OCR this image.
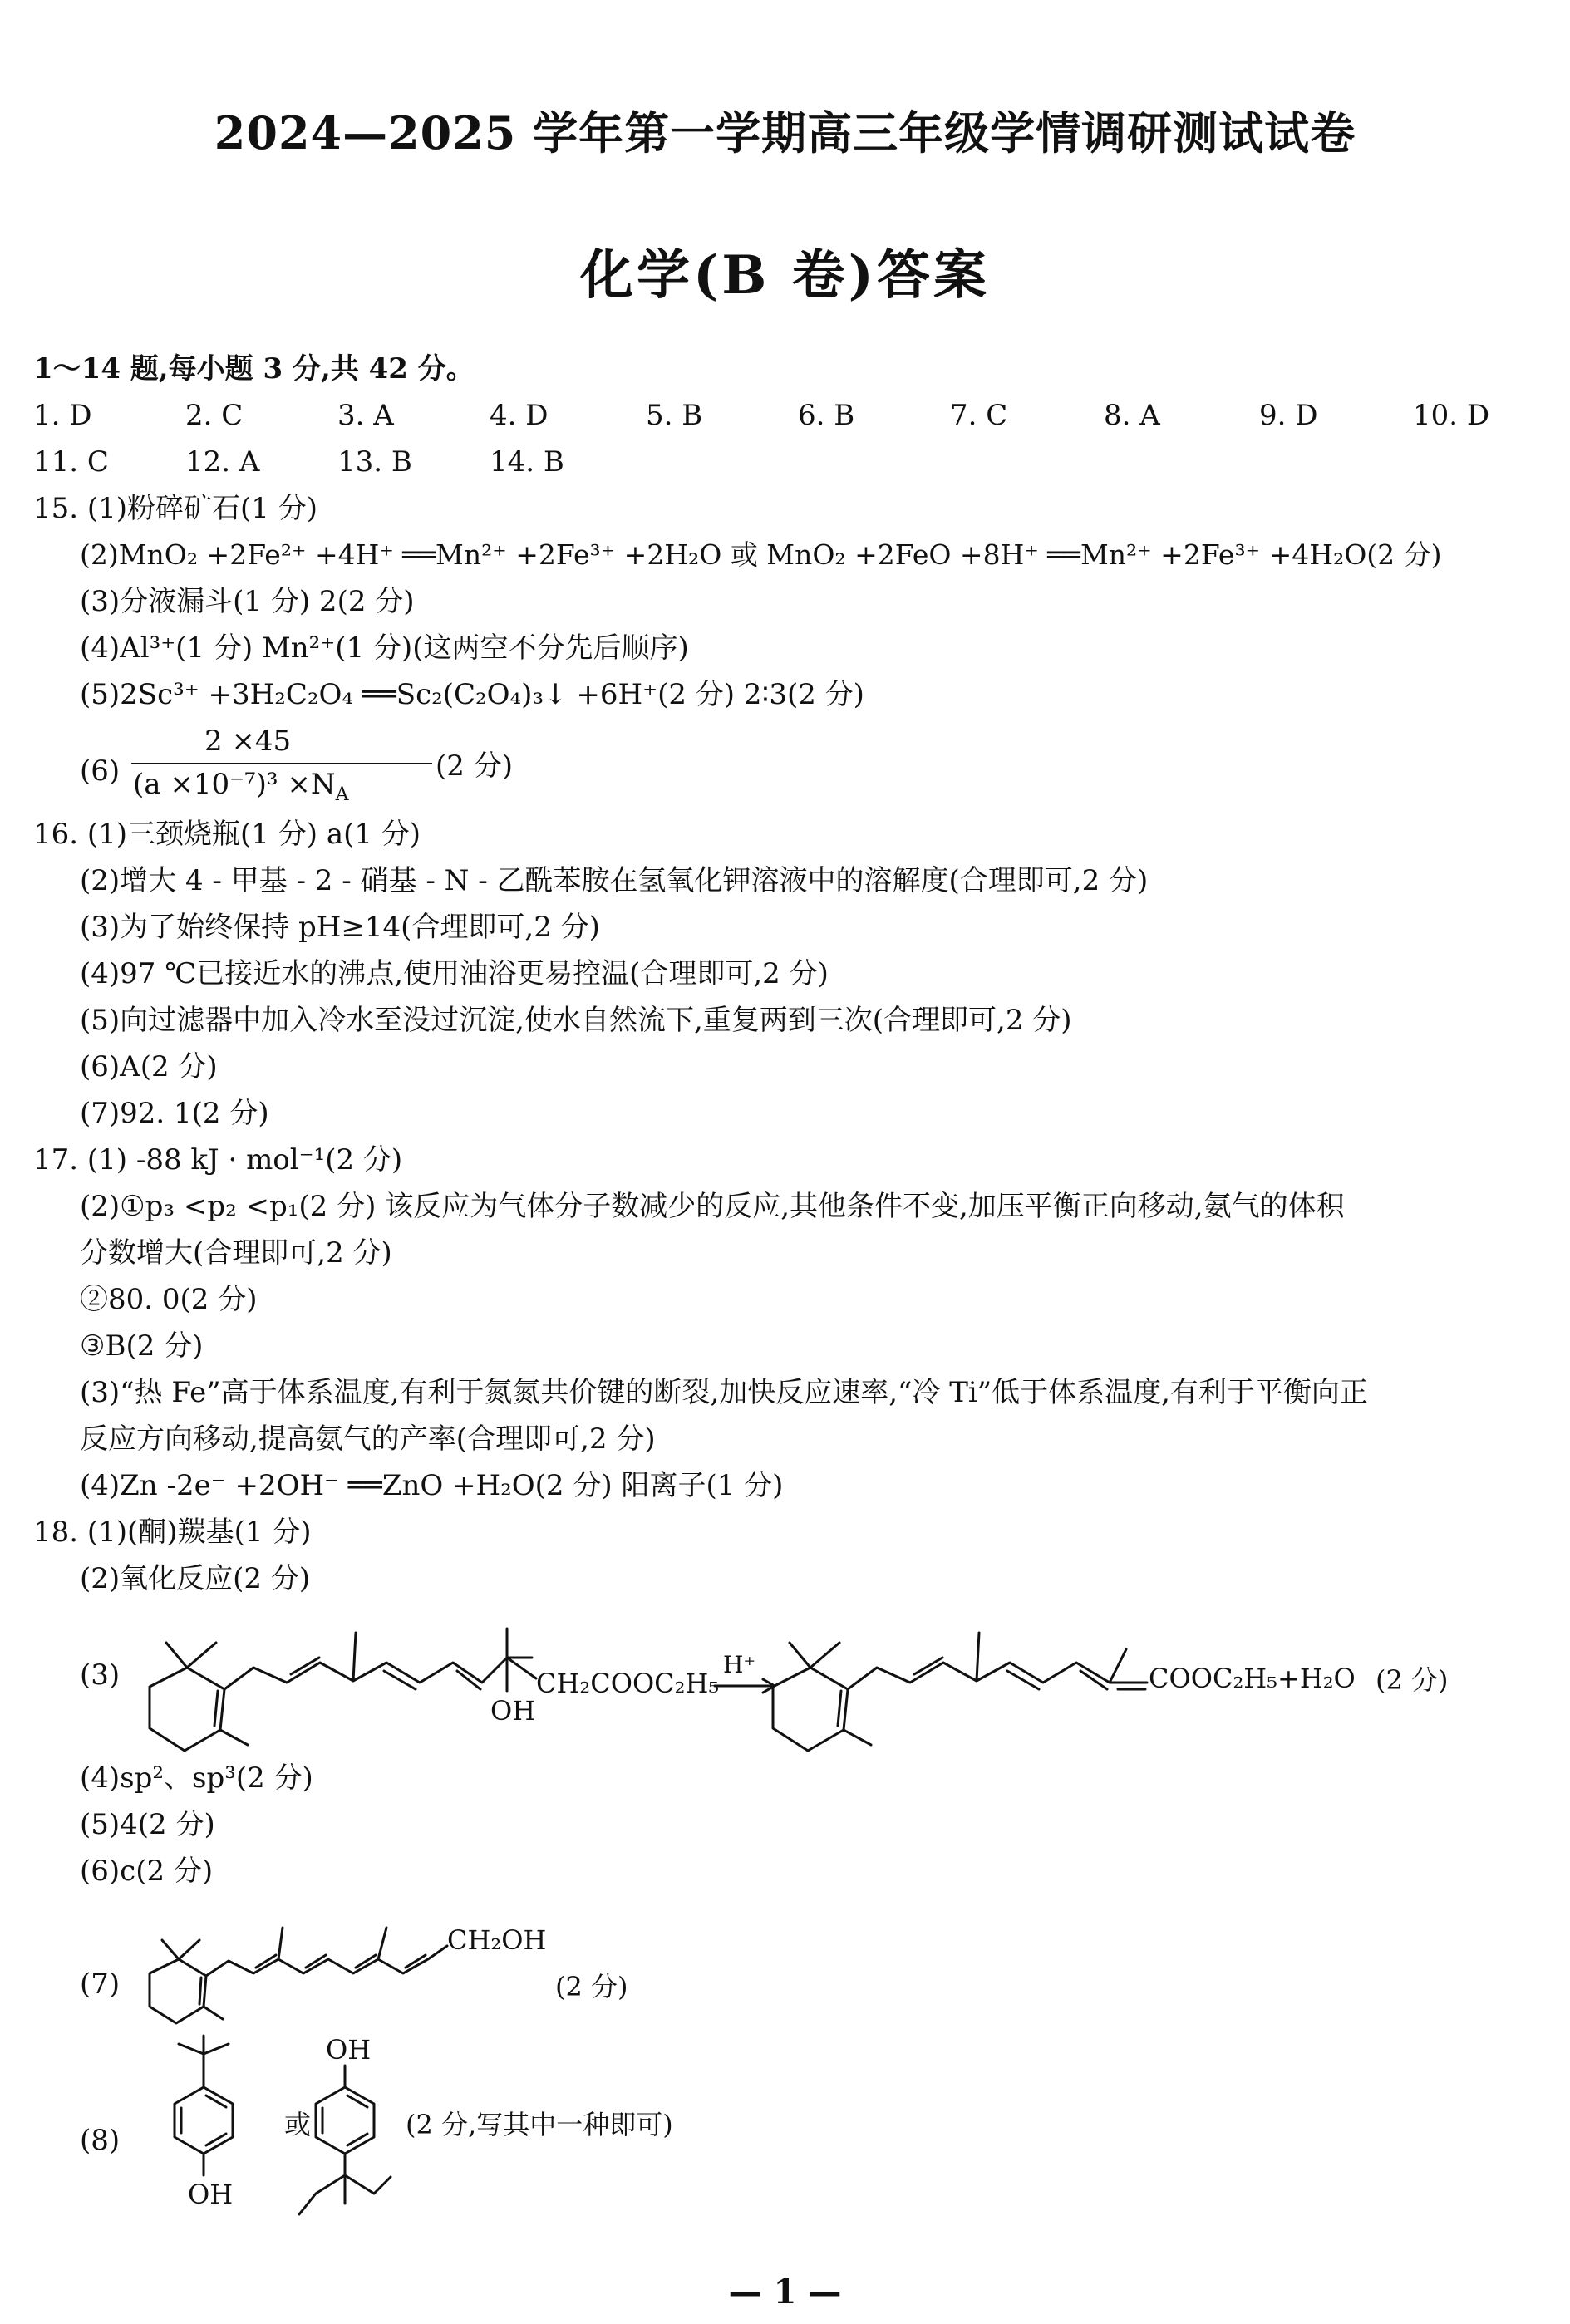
2024—2025 学年第一学期高三年级学情调研测试试卷
化学(B 卷)答案
1～14 题,每小题 3 分,共 42 分。
1. D	2. C	3. A	4. D	5. B	6. B	7. C	8. A	9. D	10. D
11. C	12. A	13. B	14. B
15. (1)粉碎矿石(1 分)
(2)MnO₂ +2Fe²⁺ +4H⁺ ══Mn²⁺ +2Fe³⁺ +2H₂O 或 MnO₂ +2FeO +8H⁺ ══Mn²⁺ +2Fe³⁺ +4H₂O(2 分)
(3)分液漏斗(1 分) 2(2 分)
(4)Al³⁺(1 分) Mn²⁺(1 分)(这两空不分先后顺序)
(5)2Sc³⁺ +3H₂C₂O₄ ══Sc₂(C₂O₄)₃↓ +6H⁺(2 分) 2∶3(2 分)
(6)
2 ×45
$(a \times 10^{-7})^3 \times N_A$
(2 分)
16. (1)三颈烧瓶(1 分) a(1 分)
(2)增大 4 - 甲基 - 2 - 硝基 - N - 乙酰苯胺在氢氧化钾溶液中的溶解度(合理即可,2 分)
(3)为了始终保持 pH≥14(合理即可,2 分)
(4)97 ℃已接近水的沸点,使用油浴更易控温(合理即可,2 分)
(5)向过滤器中加入冷水至没过沉淀,使水自然流下,重复两到三次(合理即可,2 分)
(6)A(2 分)
(7)92. 1(2 分)
17. (1) -88 kJ · mol⁻¹(2 分)
(2)①p₃ <p₂ <p₁(2 分) 该反应为气体分子数减少的反应,其他条件不变,加压平衡正向移动,氨气的体积
分数增大(合理即可,2 分)
②80. 0(2 分)
③B(2 分)
(3)“热 Fe”高于体系温度,有利于氮氮共价键的断裂,加快反应速率,“冷 Ti”低于体系温度,有利于平衡向正
反应方向移动,提高氨气的产率(合理即可,2 分)
(4)Zn -2e⁻ +2OH⁻ ══ZnO +H₂O(2 分) 阳离子(1 分)
18. (1)(酮)羰基(1 分)
(2)氧化反应(2 分)
(3)
OH
CH₂COOC₂H₅
H⁺	COOC₂H₅+H₂O (2 分)
(4)sp²、sp³(2 分)
(5)4(2 分)
(6)c(2 分)
(7)
CH₂OH
(2 分)
(8)
OH
或
OH
(2 分,写其中一种即可)
— 1 —
